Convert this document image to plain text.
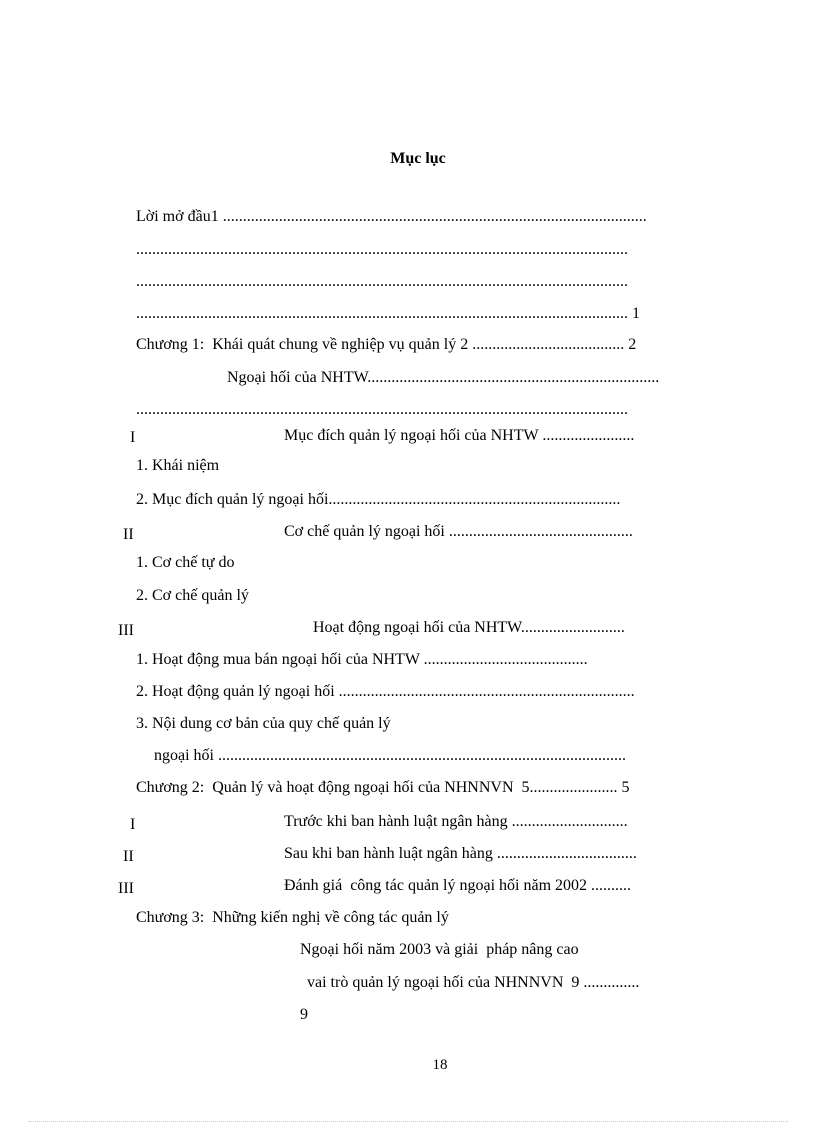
Mục lục
Lời mở đầu1 ..........................................................................................................
...........................................................................................................................
...........................................................................................................................
........................................................................................................................... 1
Chương 1:  Khái quát chung về nghiệp vụ quản lý 2 ...................................... 2
Ngoại hối của NHTW.........................................................................
...........................................................................................................................
I	Mục đích quản lý ngoại hối của NHTW .......................
1. Khái niệm
2. Mục đích quản lý ngoại hối.........................................................................
II	Cơ chế quản lý ngoại hối ..............................................
1. Cơ chế tự do
2. Cơ chế quản lý
III	Hoạt động ngoại hối của NHTW..........................
1. Hoạt động mua bán ngoại hối của NHTW .........................................
2. Hoạt động quản lý ngoại hối ..........................................................................
3. Nội dung cơ bản của quy chế quản lý
ngoại hối ......................................................................................................
Chương 2:  Quản lý và hoạt động ngoại hối của NHNNVN  5...................... 5
I	Trước khi ban hành luật ngân hàng .............................
II	Sau khi ban hành luật ngân hàng ...................................
III	Đánh giá  công tác quản lý ngoại hối năm 2002 ..........
Chương 3:  Những kiến nghị về công tác quản lý
Ngoại hối năm 2003 và giải  pháp nâng cao
vai trò quản lý ngoại hối của NHNNVN  9 ..............
9
18
